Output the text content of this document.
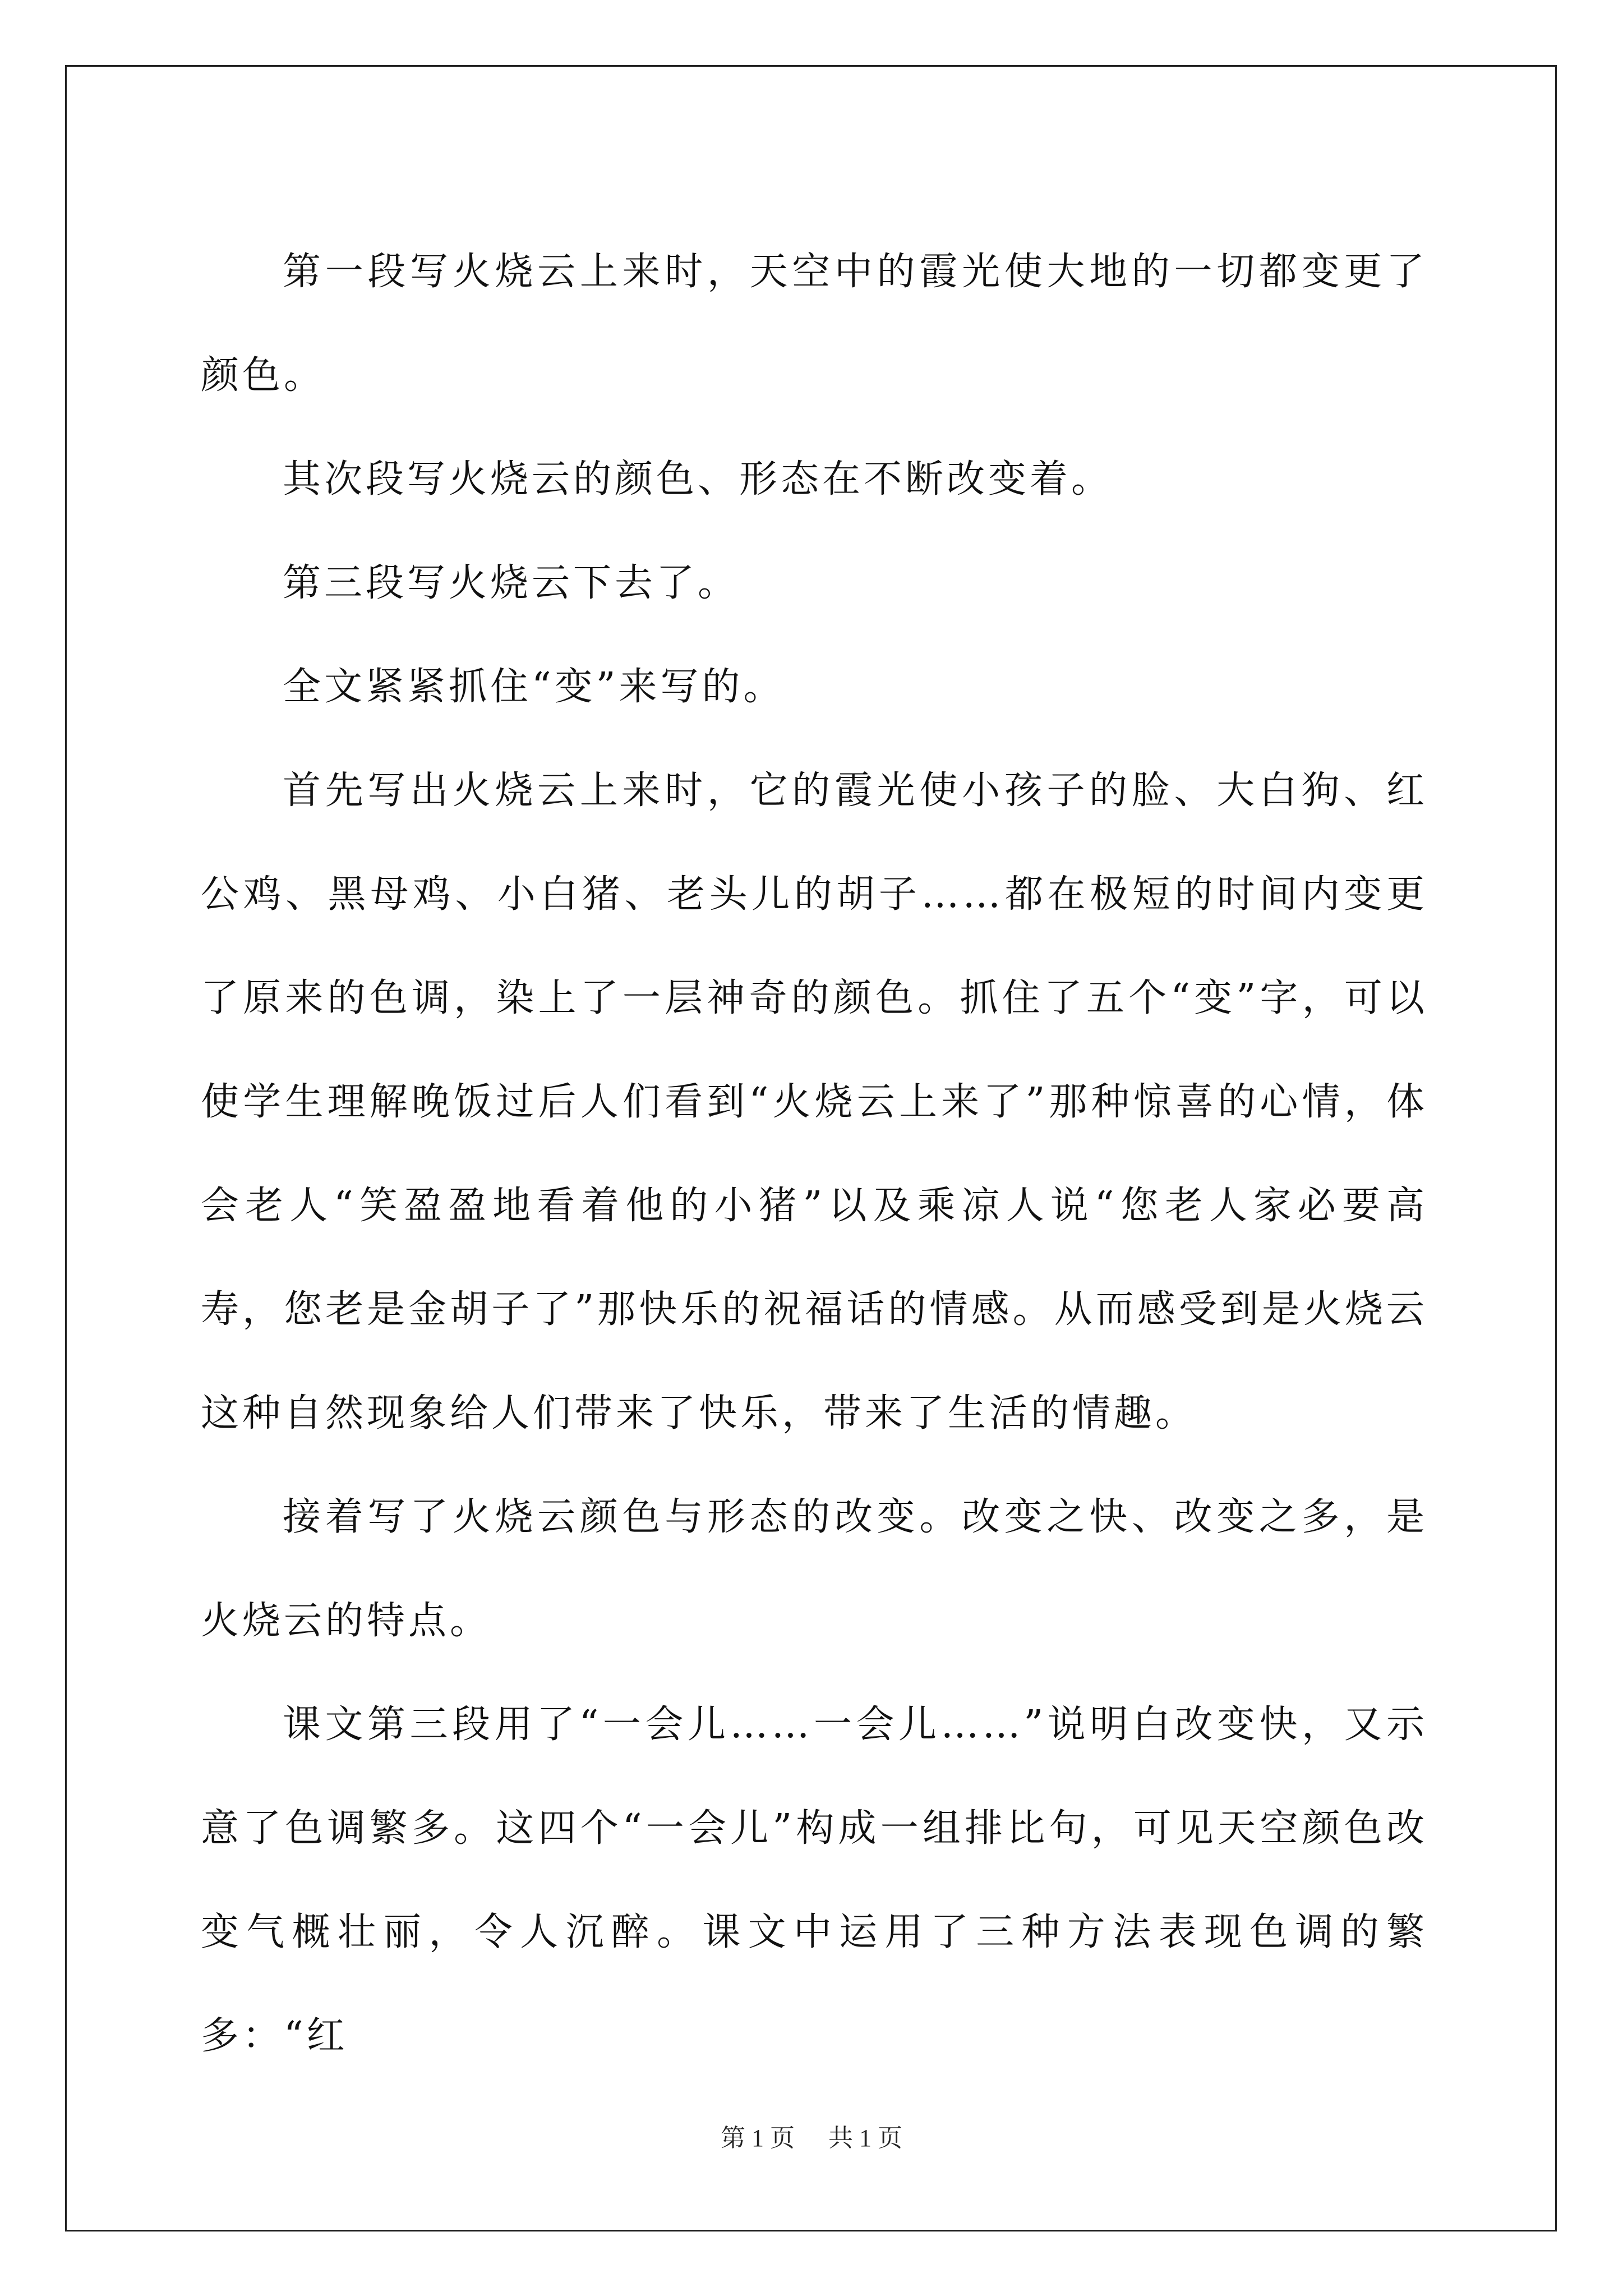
第一段写火烧云上来时，天空中的霞光使大地的一切都变更了颜色。

其次段写火烧云的颜色、形态在不断改变着。

第三段写火烧云下去了。

全文紧紧抓住“变”来写的。

首先写出火烧云上来时，它的霞光使小孩子的脸、大白狗、红公鸡、黑母鸡、小白猪、老头儿的胡子……都在极短的时间内变更了原来的色调，染上了一层神奇的颜色。抓住了五个“变”字，可以使学生理解晚饭过后人们看到“火烧云上来了”那种惊喜的心情，体会老人“笑盈盈地看着他的小猪”以及乘凉人说“您老人家必要高寿，您老是金胡子了”那快乐的祝福话的情感。从而感受到是火烧云这种自然现象给人们带来了快乐，带来了生活的情趣。

接着写了火烧云颜色与形态的改变。改变之快、改变之多，是火烧云的特点。

课文第三段用了“一会儿……一会儿……”说明白改变快，又示意了色调繁多。这四个“一会儿”构成一组排比句，可见天空颜色改变气概壮丽，令人沉醉。课文中运用了三种方法表现色调的繁多：“红

第 1 页 共 1 页
